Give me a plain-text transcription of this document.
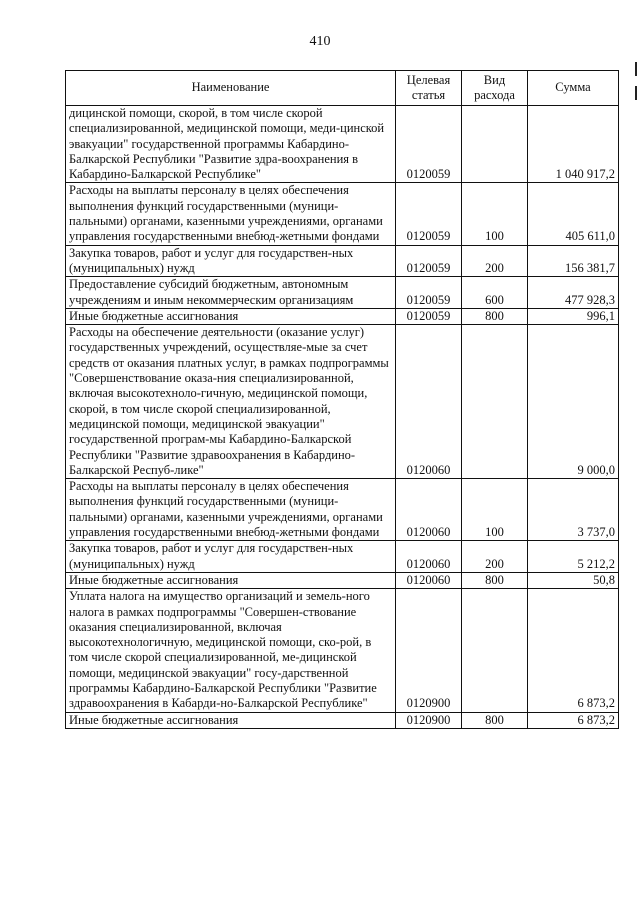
410
Наименование	Целевая статья	Вид расхода	Сумма
дицинской помощи, скорой, в том числе скорой специализированной, медицинской помощи, меди-цинской эвакуации" государственной программы Кабардино-Балкарской Республики "Развитие здра-воохранения в Кабардино-Балкарской Республике"	0120059		1 040 917,2
Расходы на выплаты персоналу в целях обеспечения выполнения функций государственными (муници-пальными) органами, казенными учреждениями, органами управления государственными внебюд-жетными фондами	0120059	100	405 611,0
Закупка товаров, работ и услуг для государствен-ных (муниципальных) нужд	0120059	200	156 381,7
Предоставление субсидий бюджетным, автономным учреждениям и иным некоммерческим организациям	0120059	600	477 928,3
Иные бюджетные ассигнования	0120059	800	996,1
Расходы на обеспечение деятельности (оказание услуг) государственных учреждений, осуществляе-мые за счет средств от оказания платных услуг, в рамках подпрограммы "Совершенствование оказа-ния специализированной, включая высокотехноло-гичную, медицинской помощи, скорой, в том числе скорой специализированной, медицинской помощи, медицинской эвакуации" государственной програм-мы Кабардино-Балкарской Республики "Развитие здравоохранения в Кабардино-Балкарской Респуб-лике"	0120060		9 000,0
Расходы на выплаты персоналу в целях обеспечения выполнения функций государственными (муници-пальными) органами, казенными учреждениями, органами управления государственными внебюд-жетными фондами	0120060	100	3 737,0
Закупка товаров, работ и услуг для государствен-ных (муниципальных) нужд	0120060	200	5 212,2
Иные бюджетные ассигнования	0120060	800	50,8
Уплата налога на имущество организаций и земель-ного налога в рамках подпрограммы "Совершен-ствование оказания специализированной, включая высокотехнологичную, медицинской помощи, ско-рой, в том числе скорой специализированной, ме-дицинской помощи, медицинской эвакуации" госу-дарственной программы Кабардино-Балкарской Республики "Развитие здравоохранения в Кабарди-но-Балкарской Республике"	0120900		6 873,2
Иные бюджетные ассигнования	0120900	800	6 873,2
